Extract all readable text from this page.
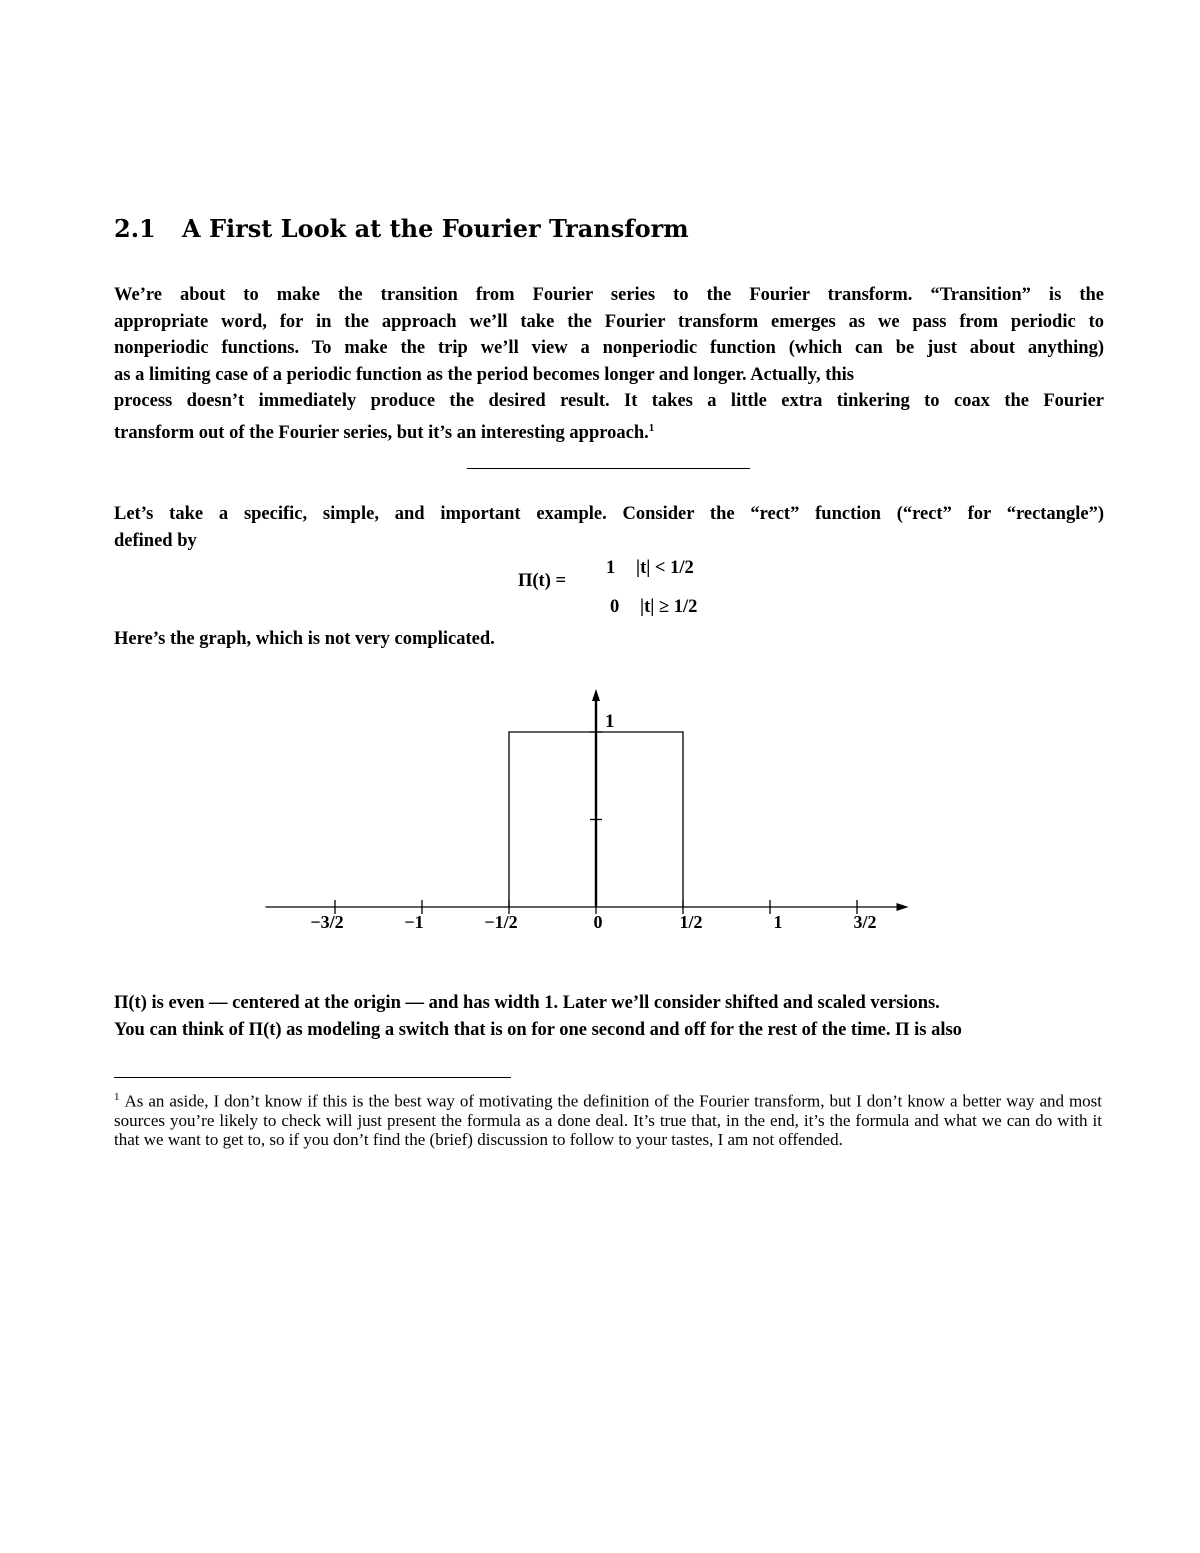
2.1 A First Look at the Fourier Transform
We’re about to make the transition from Fourier series to the Fourier transform. “Transition” is the
appropriate word, for in the approach we’ll take the Fourier transform emerges as we pass from periodic to
nonperiodic functions. To make the trip we’ll view a nonperiodic function (which can be just about anything)
as a limiting case of a periodic function as the period becomes longer and longer. Actually, this
process doesn’t immediately produce the desired result. It takes a little extra tinkering to coax the Fourier
transform out of the Fourier series, but it’s an interesting approach.$^1$
Let’s take a specific, simple, and important example. Consider the “rect” function (“rect” for “rectangle”)
defined by
Π(t) =
1 |t| < 1/2
0 |t| ≥ 1/2
Here’s the graph, which is not very complicated.
−3/2	−1	−1/2	0	1/2	1	3/2
1
Π(t) is even — centered at the origin — and has width 1. Later we’ll consider shifted and scaled versions.
You can think of Π(t) as modeling a switch that is on for one second and off for the rest of the time. Π is also

$^1$ As an aside, I don’t know if this is the best way of motivating the definition of the Fourier transform, but I don’t know a better way and most sources you’re likely to check will just present the formula as a done deal. It’s true that, in the end, it’s the formula and what we can do with it that we want to get to, so if you don’t find the (brief) discussion to follow to your tastes, I am not offended.
